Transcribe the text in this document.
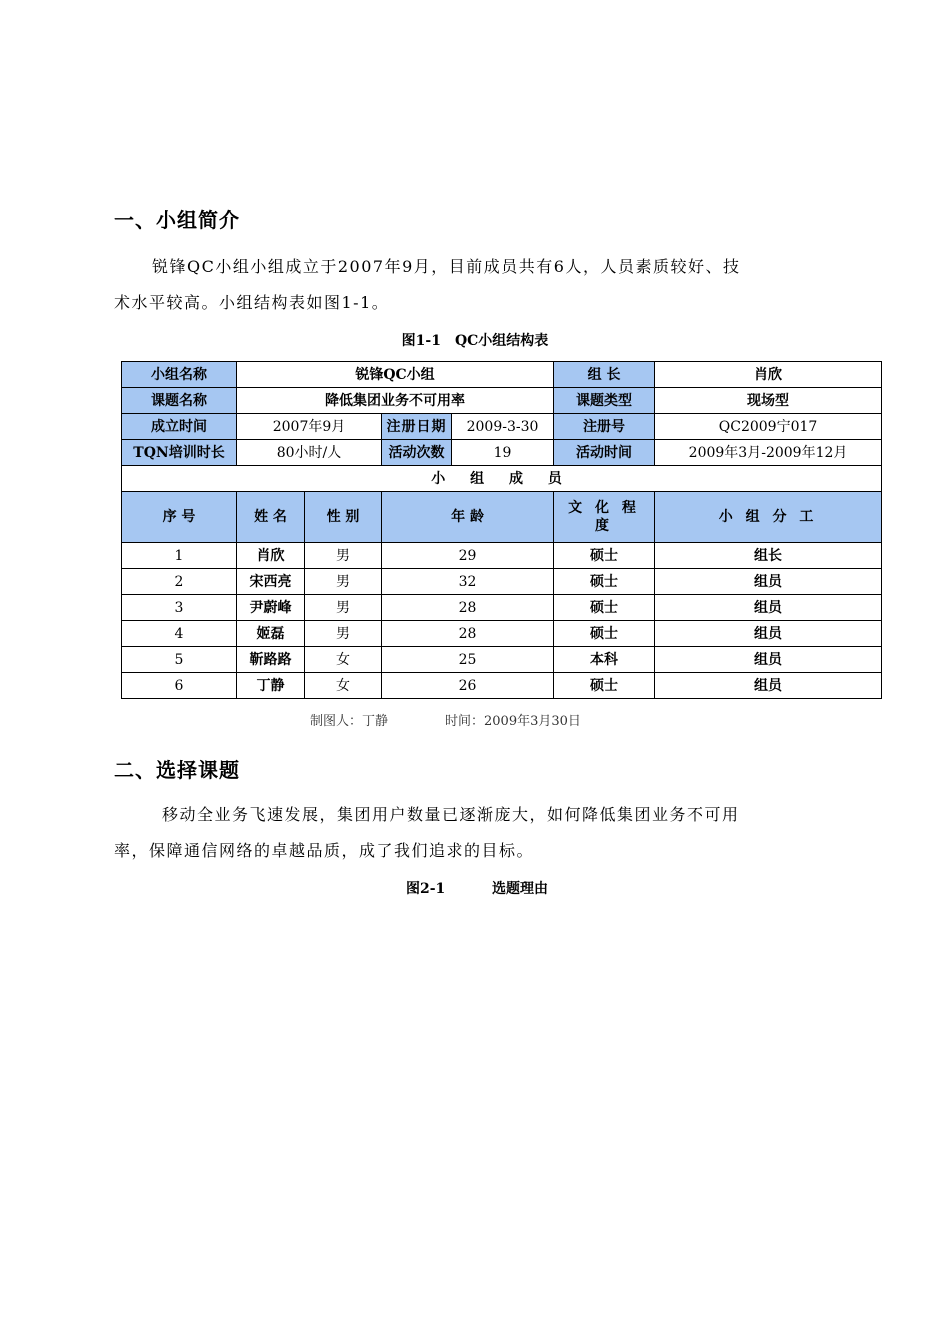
一、小组简介
锐锋QC小组小组成立于2007年9月，目前成员共有6人，人员素质较好、技
术水平较高。小组结构表如图1-1。
图1-1　QC小组结构表
小组名称	锐锋QC小组				组 长	肖欣
课题名称	降低集团业务不可用率				课题类型	现场型
成立时间	2007年9月		注册日期	2009-3-30	注册号	QC2009宁017
TQN培训时长	80小时/人		活动次数	19	活动时间	2009年3月-2009年12月
小 组 成 员						
序 号	姓 名	性 别	年 龄		文 化 程 度	小 组 分 工
1	肖欣	男	29		硕士	组长
2	宋西亮	男	32		硕士	组员
3	尹蔚峰	男	28		硕士	组员
4	姬磊	男	28		硕士	组员
5	靳路路	女	25		本科	组员
6	丁静	女	26		硕士	组员
制图人：丁静	时间：2009年3月30日
二、选择课题
移动全业务飞速发展，集团用户数量已逐渐庞大，如何降低集团业务不可用
率，保障通信网络的卓越品质，成了我们追求的目标。
图2-1	选题理由
